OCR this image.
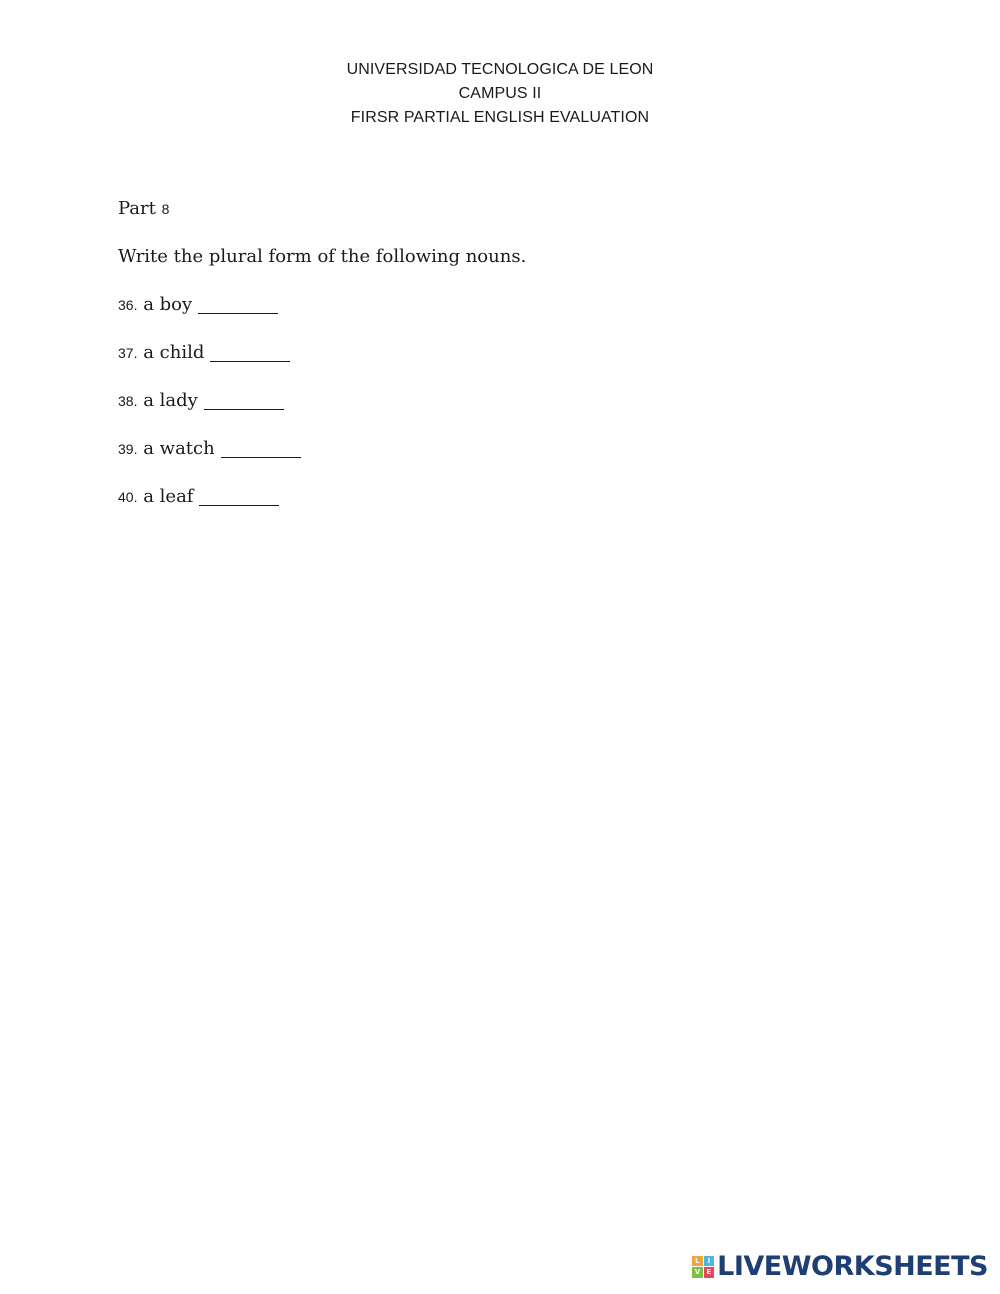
UNIVERSIDAD TECNOLOGICA DE LEON
CAMPUS II
FIRSR PARTIAL ENGLISH EVALUATION
Part 8
Write the plural form of the following nouns.
36.
a boy
37.
a child
38.
a lady
39.
a watch
40.
a leaf
L	I
V E LIVEWORKSHEETS
